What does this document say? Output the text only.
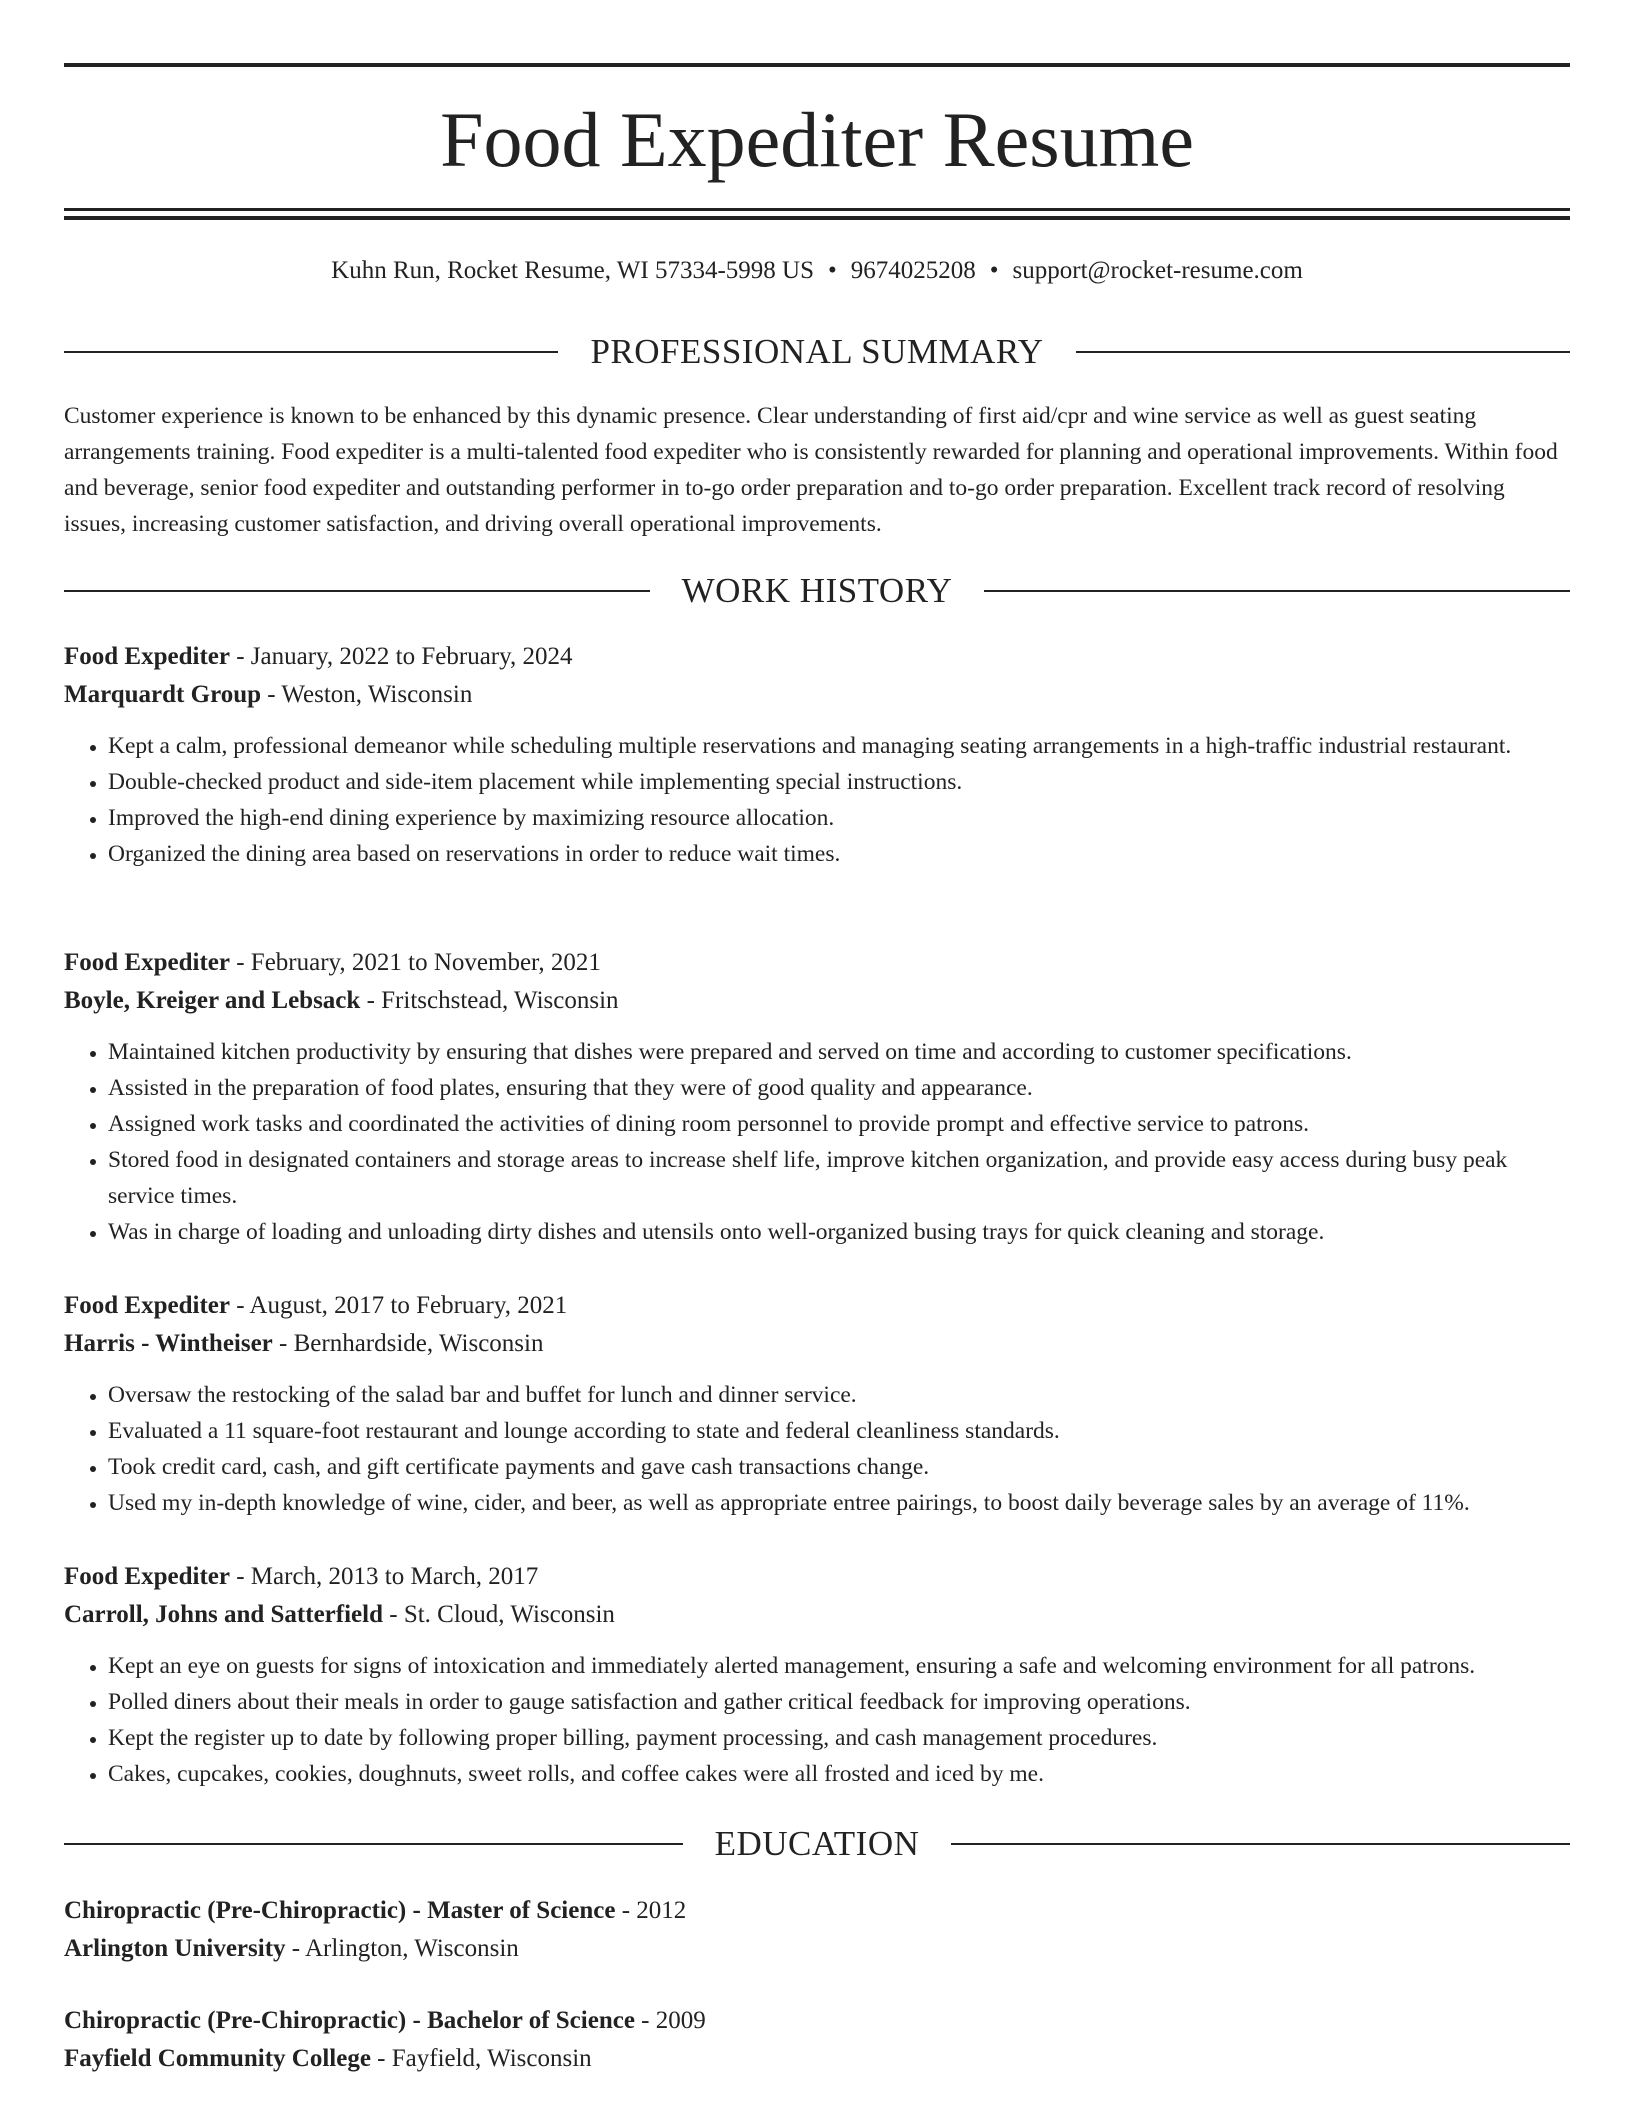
Food Expediter Resume
Kuhn Run, Rocket Resume, WI 57334-5998 US • 9674025208 • support@rocket-resume.com
PROFESSIONAL SUMMARY

Customer experience is known to be enhanced by this dynamic presence. Clear understanding of first aid/cpr and wine service as well as guest seating arrangements training. Food expediter is a multi-talented food expediter who is consistently rewarded for planning and operational improvements. Within food and beverage, senior food expediter and outstanding performer in to-go order preparation and to-go order preparation. Excellent track record of resolving issues, increasing customer satisfaction, and driving overall operational improvements.

WORK HISTORY
Food Expediter - January, 2022 to February, 2024
Marquardt Group - Weston, Wisconsin
• Kept a calm, professional demeanor while scheduling multiple reservations and managing seating arrangements in a high-traffic industrial restaurant.
• Double-checked product and side-item placement while implementing special instructions.
• Improved the high-end dining experience by maximizing resource allocation.
• Organized the dining area based on reservations in order to reduce wait times.
Food Expediter - February, 2021 to November, 2021
Boyle, Kreiger and Lebsack - Fritschstead, Wisconsin
• Maintained kitchen productivity by ensuring that dishes were prepared and served on time and according to customer specifications.
• Assisted in the preparation of food plates, ensuring that they were of good quality and appearance.
• Assigned work tasks and coordinated the activities of dining room personnel to provide prompt and effective service to patrons.
• Stored food in designated containers and storage areas to increase shelf life, improve kitchen organization, and provide easy access during busy peak service times.
• Was in charge of loading and unloading dirty dishes and utensils onto well-organized busing trays for quick cleaning and storage.
Food Expediter - August, 2017 to February, 2021
Harris - Wintheiser - Bernhardside, Wisconsin
• Oversaw the restocking of the salad bar and buffet for lunch and dinner service.
• Evaluated a 11 square-foot restaurant and lounge according to state and federal cleanliness standards.
• Took credit card, cash, and gift certificate payments and gave cash transactions change.
• Used my in-depth knowledge of wine, cider, and beer, as well as appropriate entree pairings, to boost daily beverage sales by an average of 11%.
Food Expediter - March, 2013 to March, 2017
Carroll, Johns and Satterfield - St. Cloud, Wisconsin
• Kept an eye on guests for signs of intoxication and immediately alerted management, ensuring a safe and welcoming environment for all patrons.
• Polled diners about their meals in order to gauge satisfaction and gather critical feedback for improving operations.
• Kept the register up to date by following proper billing, payment processing, and cash management procedures.
• Cakes, cupcakes, cookies, doughnuts, sweet rolls, and coffee cakes were all frosted and iced by me.
EDUCATION
Chiropractic (Pre-Chiropractic) - Master of Science - 2012
Arlington University - Arlington, Wisconsin
Chiropractic (Pre-Chiropractic) - Bachelor of Science - 2009
Fayfield Community College - Fayfield, Wisconsin
